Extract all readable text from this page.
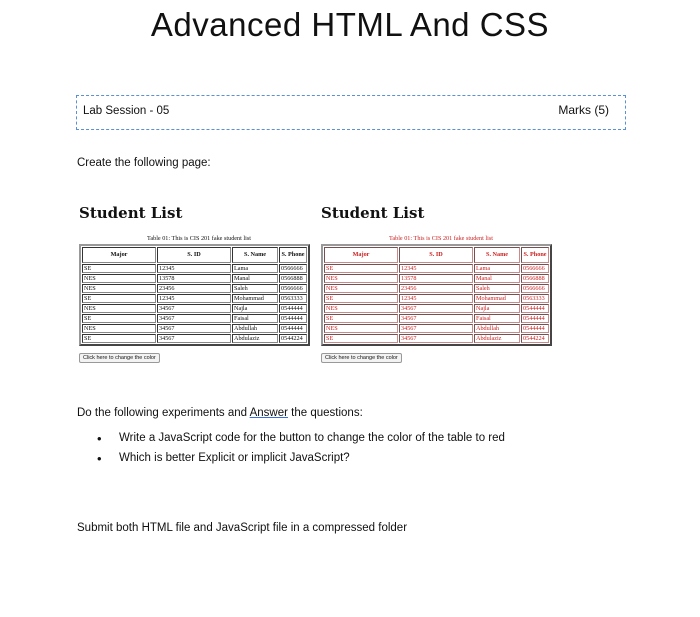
Advanced HTML And CSS
Lab Session - 05	Marks (5)
Create the following page:
Student List
Table 01: This is CIS 201 fake student list
Major	S. ID	S. Name	S. Phone
SE	12345	Lama	0566666
NES	13578	Manal	0566888
NES	23456	Saleh	0566666
SE	12345	Mohammad	0563333
NES	34567	Najla	0544444
SE	34567	Faisal	0544444
NES	34567	Abdullah	0544444
SE	34567	Abdulaziz	0544224
Click here to change the color
Student List
Table 01: This is CIS 201 fake student list
Major	S. ID	S. Name	S. Phone
SE	12345	Lama	0566666
NES	13578	Manal	0566888
NES	23456	Saleh	0566666
SE	12345	Mohammad	0563333
NES	34567	Najla	0544444
SE	34567	Faisal	0544444
NES	34567	Abdullah	0544444
SE	34567	Abdulaziz	0544224
Click here to change the color
Do the following experiments and Answer the questions:
• Write a JavaScript code for the button to change the color of the table to red
• Which is better Explicit or implicit JavaScript?
Submit both HTML file and JavaScript file in a compressed folder
